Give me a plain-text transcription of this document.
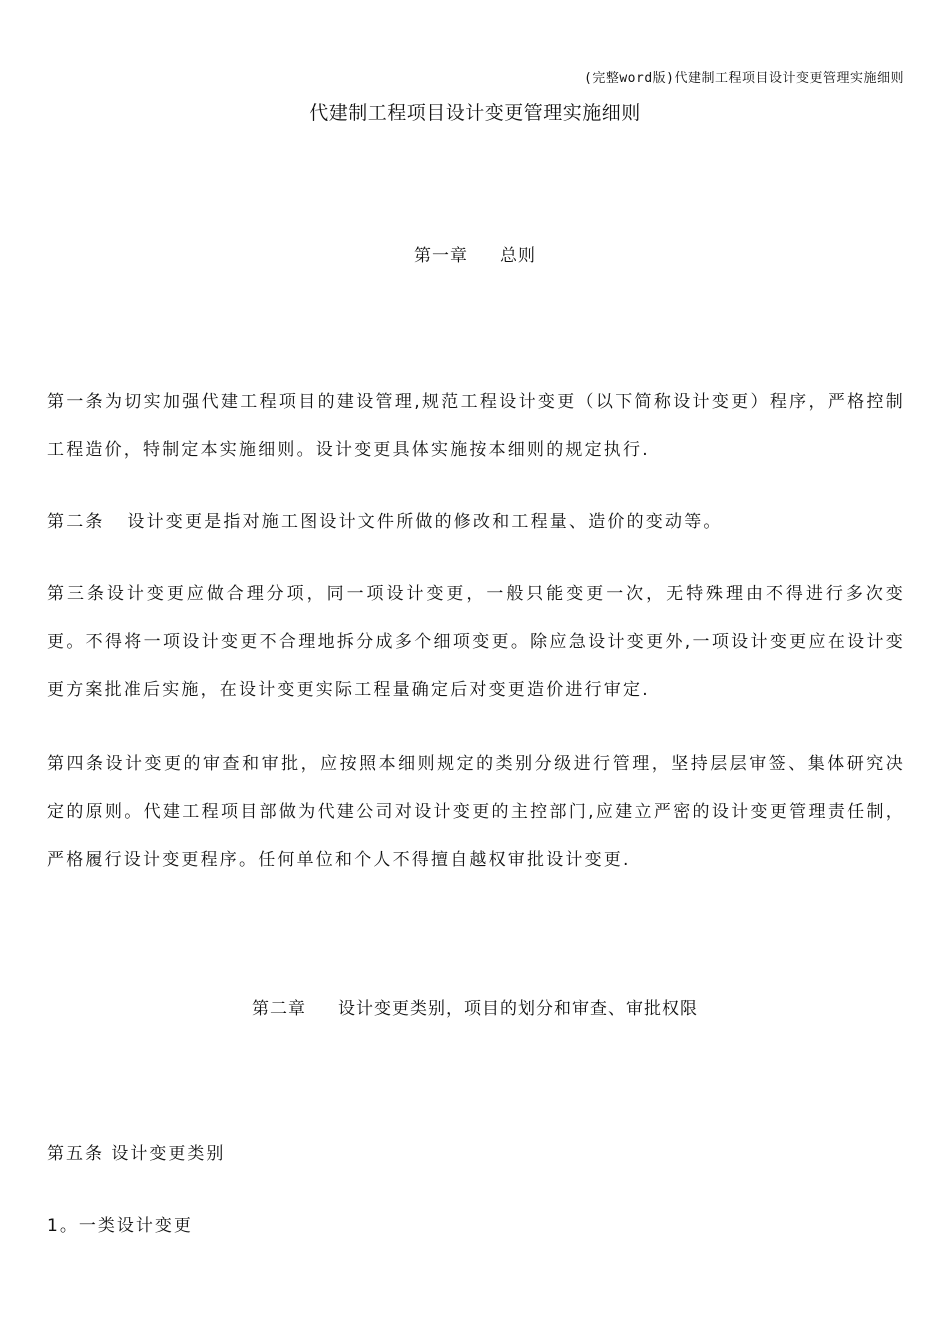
(完整word版)代建制工程项目设计变更管理实施细则
代建制工程项目设计变更管理实施细则
第一章     总则

第一条为切实加强代建工程项目的建设管理,规范工程设计变更（以下简称设计变更）程序，严格控制工程造价，特制定本实施细则。设计变更具体实施按本细则的规定执行.

第二条   设计变更是指对施工图设计文件所做的修改和工程量、造价的变动等。

第三条设计变更应做合理分项，同一项设计变更，一般只能变更一次，无特殊理由不得进行多次变更。不得将一项设计变更不合理地拆分成多个细项变更。除应急设计变更外,一项设计变更应在设计变更方案批准后实施，在设计变更实际工程量确定后对变更造价进行审定.

第四条设计变更的审查和审批，应按照本细则规定的类别分级进行管理，坚持层层审签、集体研究决定的原则。代建工程项目部做为代建公司对设计变更的主控部门,应建立严密的设计变更管理责任制，严格履行设计变更程序。任何单位和个人不得擅自越权审批设计变更.

第二章     设计变更类别，项目的划分和审查、审批权限

第五条 设计变更类别

1。一类设计变更
